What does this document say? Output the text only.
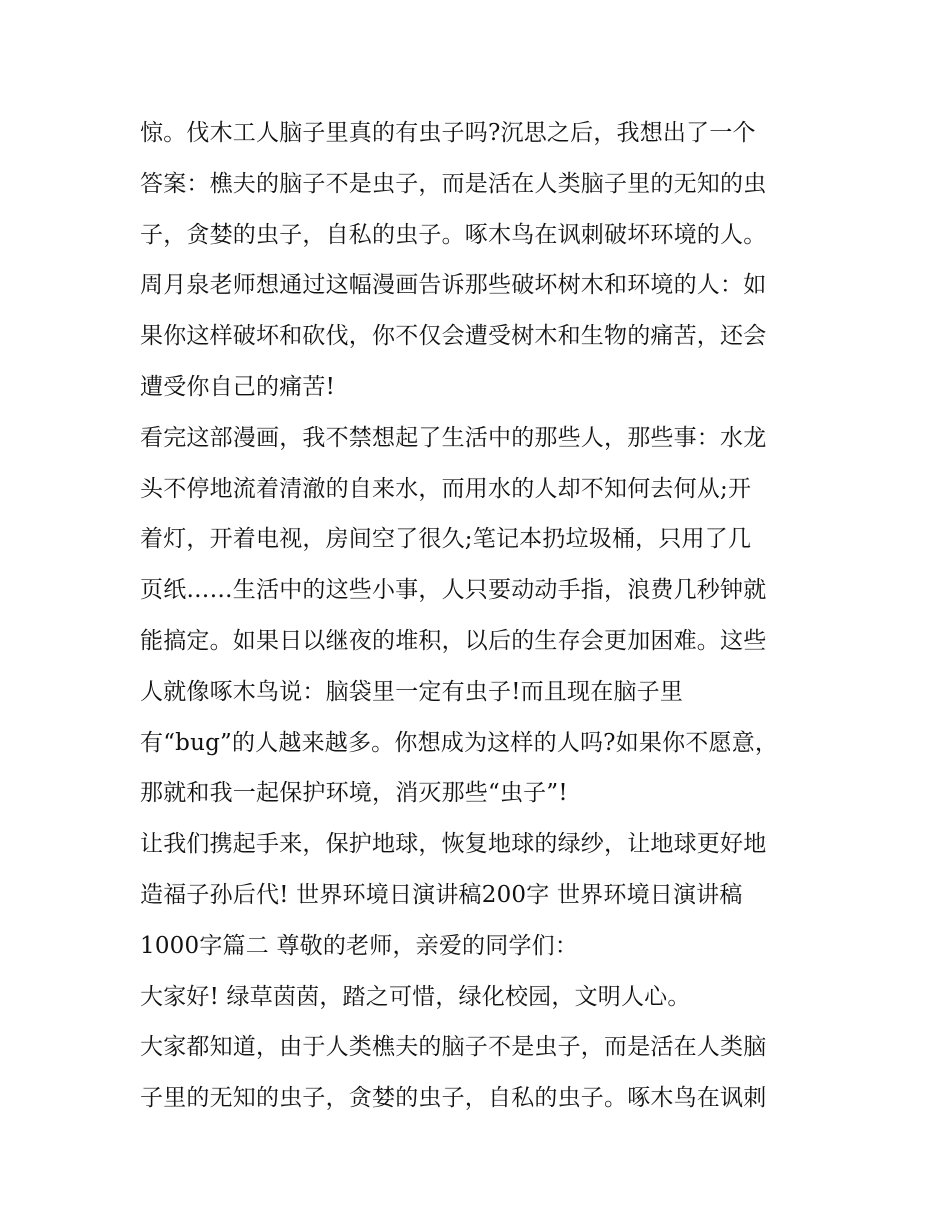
惊。伐木工人脑子里真的有虫子吗?沉思之后，我想出了一个
答案：樵夫的脑子不是虫子，而是活在人类脑子里的无知的虫
子，贪婪的虫子，自私的虫子。啄木鸟在讽刺破坏环境的人。
周月泉老师想通过这幅漫画告诉那些破坏树木和环境的人：如
果你这样破坏和砍伐，你不仅会遭受树木和生物的痛苦，还会
遭受你自己的痛苦!
看完这部漫画，我不禁想起了生活中的那些人，那些事：水龙
头不停地流着清澈的自来水，而用水的人却不知何去何从;开
着灯，开着电视，房间空了很久;笔记本扔垃圾桶，只用了几
页纸……生活中的这些小事，人只要动动手指，浪费几秒钟就
能搞定。如果日以继夜的堆积，以后的生存会更加困难。这些
人就像啄木鸟说：脑袋里一定有虫子!而且现在脑子里
有“bug”的人越来越多。你想成为这样的人吗?如果你不愿意，
那就和我一起保护环境，消灭那些“虫子”!
让我们携起手来，保护地球，恢复地球的绿纱，让地球更好地
造福子孙后代! 世界环境日演讲稿200字 世界环境日演讲稿
1000字篇二 尊敬的老师，亲爱的同学们：
大家好! 绿草茵茵，踏之可惜，绿化校园，文明人心。
大家都知道，由于人类樵夫的脑子不是虫子，而是活在人类脑
子里的无知的虫子，贪婪的虫子，自私的虫子。啄木鸟在讽刺
